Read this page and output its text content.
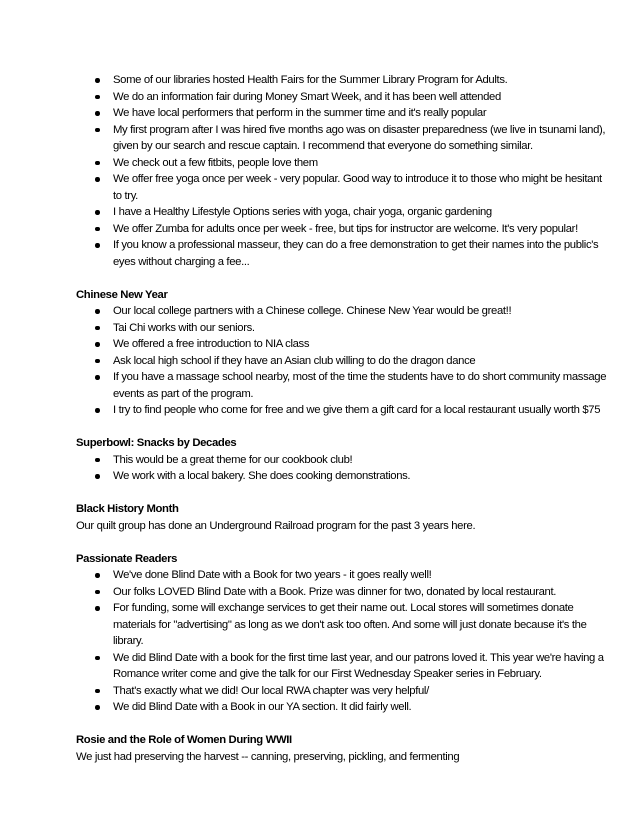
Some of our libraries hosted Health Fairs for the Summer Library Program for Adults.
We do an information fair during Money Smart Week, and it has been well attended
We have local performers that perform in the summer time and it's really popular
My first program after I was hired five months ago was on disaster preparedness (we live in tsunami land), given by our search and rescue captain. I recommend that everyone do something similar.
We check out a few fitbits, people love them
We offer free yoga once per week - very popular. Good way to introduce it to those who might be hesitant to try.
I have a Healthy Lifestyle Options series with yoga, chair yoga, organic gardening
We offer Zumba for adults once per week - free, but tips for instructor are welcome. It's very popular!
If you know a professional masseur, they can do a free demonstration to get their names into the public's eyes without charging a fee...
Chinese New Year
Our local college partners with a Chinese college. Chinese New Year would be great!!
Tai Chi works with our seniors.
We offered a free introduction to NIA class
Ask local high school if they have an Asian club willing to do the dragon dance
If you have a massage school nearby, most of the time the students have to do short community massage events as part of the program.
I try to find people who come for free and we give them a gift card for a local restaurant usually worth $75
Superbowl: Snacks by Decades
This would be a great theme for our cookbook club!
We work with a local bakery. She does cooking demonstrations.
Black History Month
Our quilt group has done an Underground Railroad program for the past 3 years here.
Passionate Readers
We've done Blind Date with a Book for two years - it goes really well!
Our folks LOVED Blind Date with a Book. Prize was dinner for two, donated by local restaurant.
For funding, some will exchange services to get their name out. Local stores will sometimes donate materials for "advertising" as long as we don't ask too often. And some will just donate because it's the library.
We did Blind Date with a book for the first time last year, and our patrons loved it. This year we're having a Romance writer come and give the talk for our First Wednesday Speaker series in February.
That's exactly what we did! Our local RWA chapter was very helpful/
We did Blind Date with a Book in our YA section. It did fairly well.
Rosie and the Role of Women During WWII
We just had preserving the harvest -- canning, preserving, pickling, and fermenting
